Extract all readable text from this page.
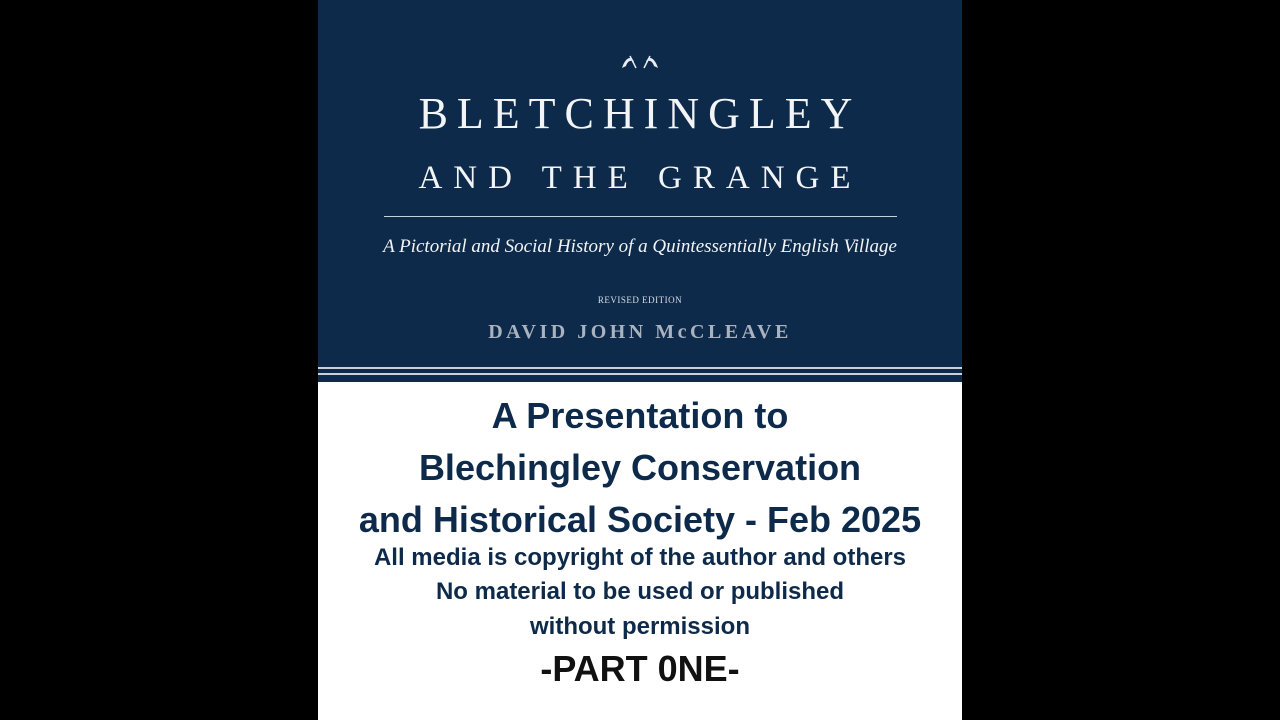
BLETCHINGLEY
AND THE GRANGE
A Pictorial and Social History of a Quintessentially English Village
REVISED EDITION
DAVID JOHN McCLEAVE
A Presentation to
Blechingley Conservation
and Historical Society - Feb 2025
All media is copyright of the author and others
No material to be used or published
without permission
-PART 0NE-
